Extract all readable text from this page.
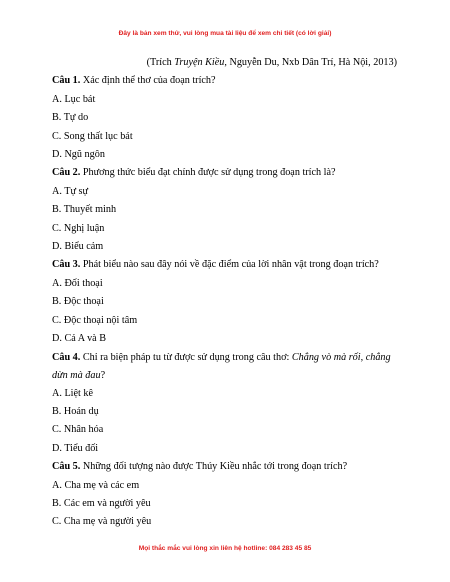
Đây là bản xem thử, vui lòng mua tài liệu để xem chi tiết (có lời giải)
(Trích Truyện Kiều, Nguyễn Du, Nxb Dân Trí, Hà Nội, 2013)
Câu 1. Xác định thể thơ của đoạn trích?
A. Lục bát
B. Tự do
C. Song thất lục bát
D. Ngũ ngôn
Câu 2. Phương thức biểu đạt chính được sử dụng trong đoạn trích là?
A. Tự sự
B. Thuyết minh
C. Nghị luận
D. Biểu cảm
Câu 3. Phát biểu nào sau đây nói về đặc điểm của lời nhân vật trong đoạn trích?
A. Đối thoại
B. Độc thoại
C. Độc thoại nội tâm
D. Cả A và B
Câu 4. Chỉ ra biện pháp tu từ được sử dụng trong câu thơ: Chẳng vò mà rối, chẳng dừn mà đau?
A. Liệt kê
B. Hoán dụ
C. Nhân hóa
D. Tiểu đối
Câu 5. Những đối tượng nào được Thúy Kiều nhắc tới trong đoạn trích?
A. Cha mẹ và các em
B. Các em và người yêu
C. Cha mẹ và người yêu
Mọi thắc mắc vui lòng xin liên hệ hotline: 084 283 45 85
